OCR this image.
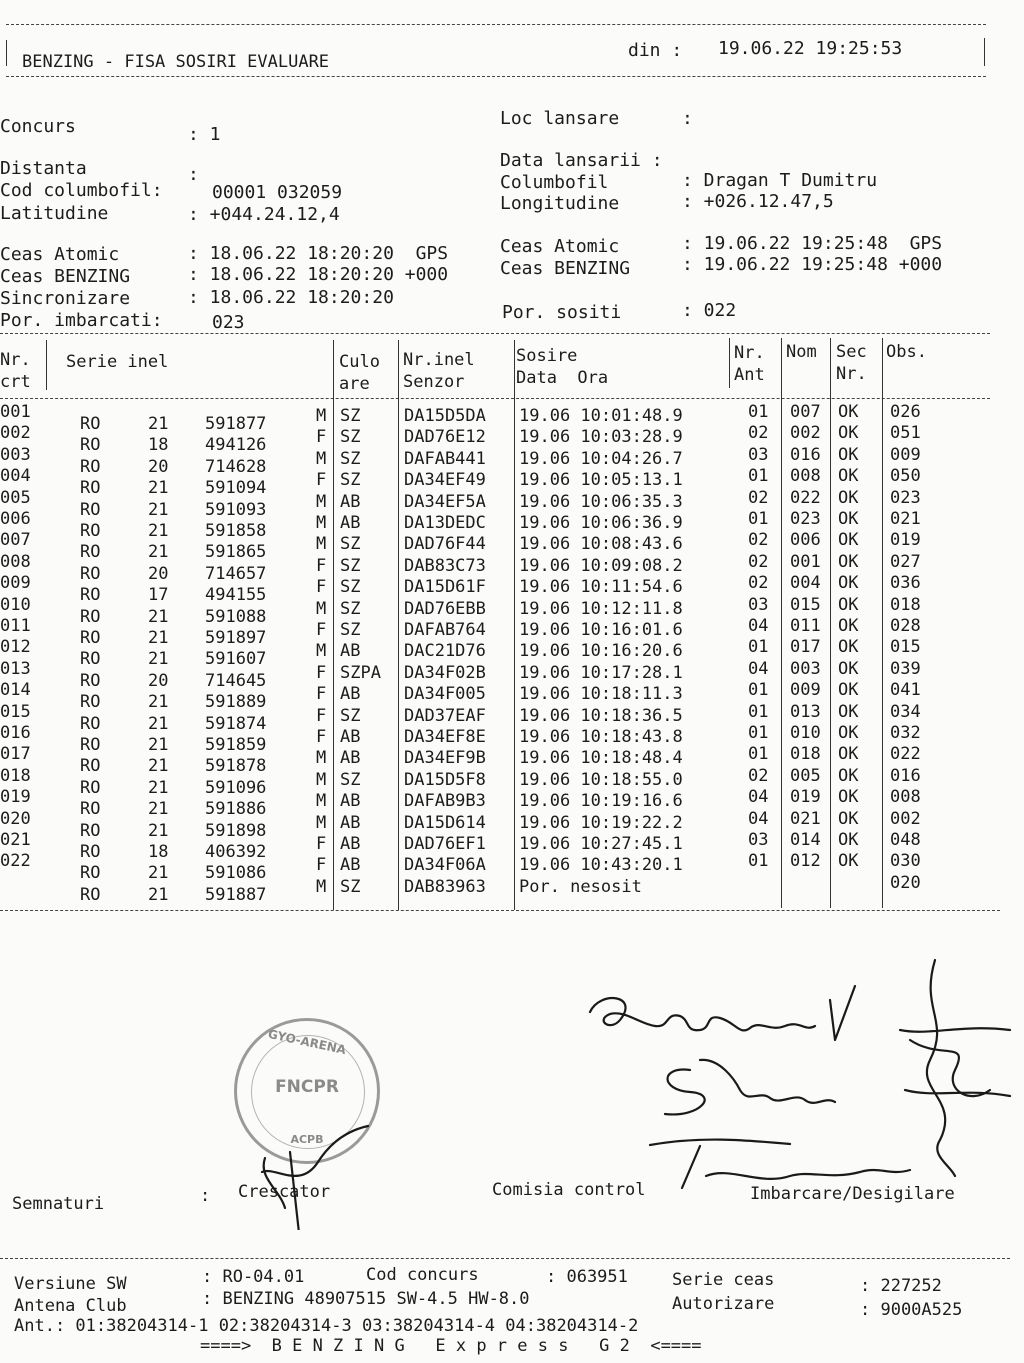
BENZING - FISA SOSIRI EVALUARE
din : 19.06.22 19:25:53
Concurs	: 1
Distanta	:
Cod columbofil:	00001 032059
Latitudine	: +044.24.12,4
Ceas Atomic	: 18.06.22 18:20:20  GPS
Ceas BENZING	: 18.06.22 18:20:20 +000
Sincronizare	: 18.06.22 18:20:20
Por. imbarcati:	023
Loc lansare	:
Data lansarii :
Columbofil	: Dragan T Dumitru
Longitudine	: +026.12.47,5
Ceas Atomic	: 19.06.22 19:25:48  GPS
Ceas BENZING	: 19.06.22 19:25:48 +000
Por. sositi	: 022
Nr.
crt
Serie inel	Culo
are
Nr.inel
Senzor
Sosire
Data  Ora
Nr.
Ant
Nom Sec
Nr.
Obs.
001
RO	21 591877	M SZ	DA15D5DA 19.06 10:01:48.9	01 007 OK 026
002
RO	18 494126	F SZ	DAD76E12 19.06 10:03:28.9	02 002 OK 051
003
RO	20 714628	M SZ	DAFAB441 19.06 10:04:26.7	03 016 OK 009
004
RO	21 591094	F SZ	DA34EF49 19.06 10:05:13.1	01 008 OK 050
005
RO	21 591093	M AB	DA34EF5A 19.06 10:06:35.3	02 022 OK 023
006
RO	21 591858	M AB	DA13DEDC 19.06 10:06:36.9	01 023 OK 021
007
RO	21 591865	M SZ	DAD76F44 19.06 10:08:43.6	02 006 OK 019
008
RO	20 714657	F SZ	DAB83C73 19.06 10:09:08.2	02 001 OK 027
009
RO	17 494155	F SZ	DA15D61F 19.06 10:11:54.6	02 004 OK 036
010
RO	21 591088	M SZ	DAD76EBB 19.06 10:12:11.8	03 015 OK 018
011
RO	21 591897	F SZ	DAFAB764 19.06 10:16:01.6	04 011 OK 028
012
RO	21 591607	M AB	DAC21D76 19.06 10:16:20.6	01 017 OK 015
013
RO	20 714645	F SZPA DA34F02B 19.06 10:17:28.1	04 003 OK 039
014
RO	21 591889	F AB	DA34F005 19.06 10:18:11.3	01 009 OK 041
015
RO	21 591874	F SZ	DAD37EAF 19.06 10:18:36.5	01 013 OK 034
016
RO	21 591859	F AB	DA34EF8E 19.06 10:18:43.8	01 010 OK 032
017
RO	21 591878	M AB	DA34EF9B 19.06 10:18:48.4	01 018 OK 022
018
RO	21 591096	M SZ	DA15D5F8 19.06 10:18:55.0	02 005 OK 016
019
RO	21 591886	M AB	DAFAB9B3 19.06 10:19:16.6	04 019 OK 008
020
RO	21 591898	M AB	DA15D614 19.06 10:19:22.2	04 021 OK 002
021
RO	18 406392	F AB	DAD76EF1 19.06 10:27:45.1	03 014 OK 048
022
RO	21 591086	F AB	DA34F06A 19.06 10:43:20.1	01 012 OK 030
RO	21 591887	M SZ	DAB83963 Por. nesosit	020
GYO-ARENA
FNCPR
ACPB
Semnaturi	: Crescator	Comisia control	Imbarcare/Desigilare
Versiune SW	: RO-04.01	Cod concurs	: 063951	Serie ceas	: 227252
Antena Club	: BENZING 48907515 SW-4.5 HW-8.0	Autorizare	: 9000A525
Ant.: 01:38204314-1 02:38204314-3 03:38204314-4 04:38204314-2
====>  B E N Z I N G   E x p r e s s   G 2  <====
